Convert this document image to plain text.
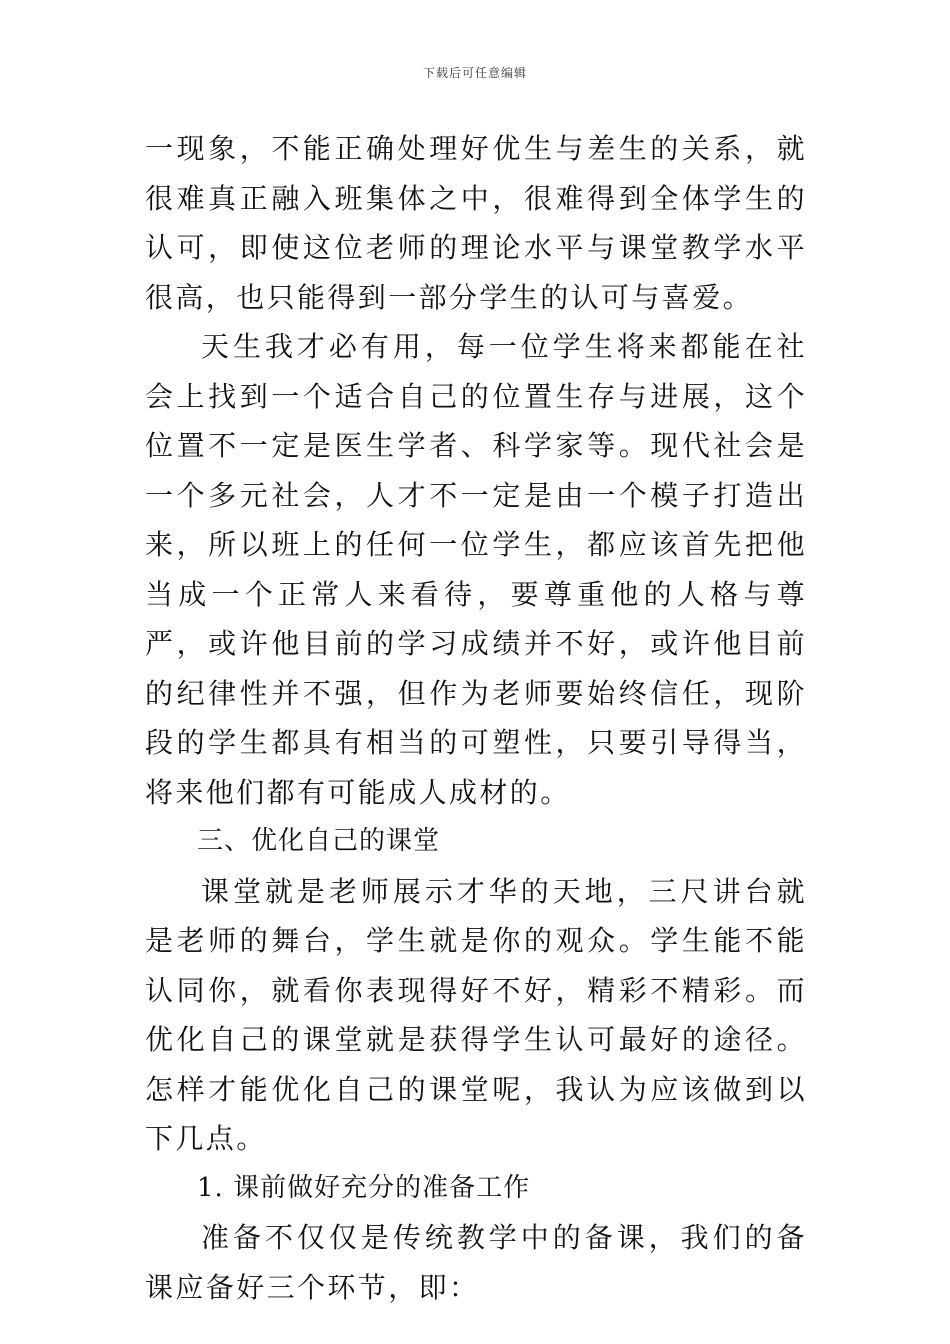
下载后可任意编辑

一现象，不能正确处理好优生与差生的关系，就很难真正融入班集体之中，很难得到全体学生的认可，即使这位老师的理论水平与课堂教学水平很高，也只能得到一部分学生的认可与喜爱。

天生我才必有用，每一位学生将来都能在社会上找到一个适合自己的位置生存与进展，这个位置不一定是医生学者、科学家等。现代社会是一个多元社会，人才不一定是由一个模子打造出来，所以班上的任何一位学生，都应该首先把他当成一个正常人来看待，要尊重他的人格与尊严，或许他目前的学习成绩并不好，或许他目前的纪律性并不强，但作为老师要始终信任，现阶段的学生都具有相当的可塑性，只要引导得当，将来他们都有可能成人成材的。

三、优化自己的课堂

课堂就是老师展示才华的天地，三尺讲台就是老师的舞台，学生就是你的观众。学生能不能认同你，就看你表现得好不好，精彩不精彩。而优化自己的课堂就是获得学生认可最好的途径。怎样才能优化自己的课堂呢，我认为应该做到以下几点。

1. 课前做好充分的准备工作

准备不仅仅是传统教学中的备课，我们的备课应备好三个环节，即：
